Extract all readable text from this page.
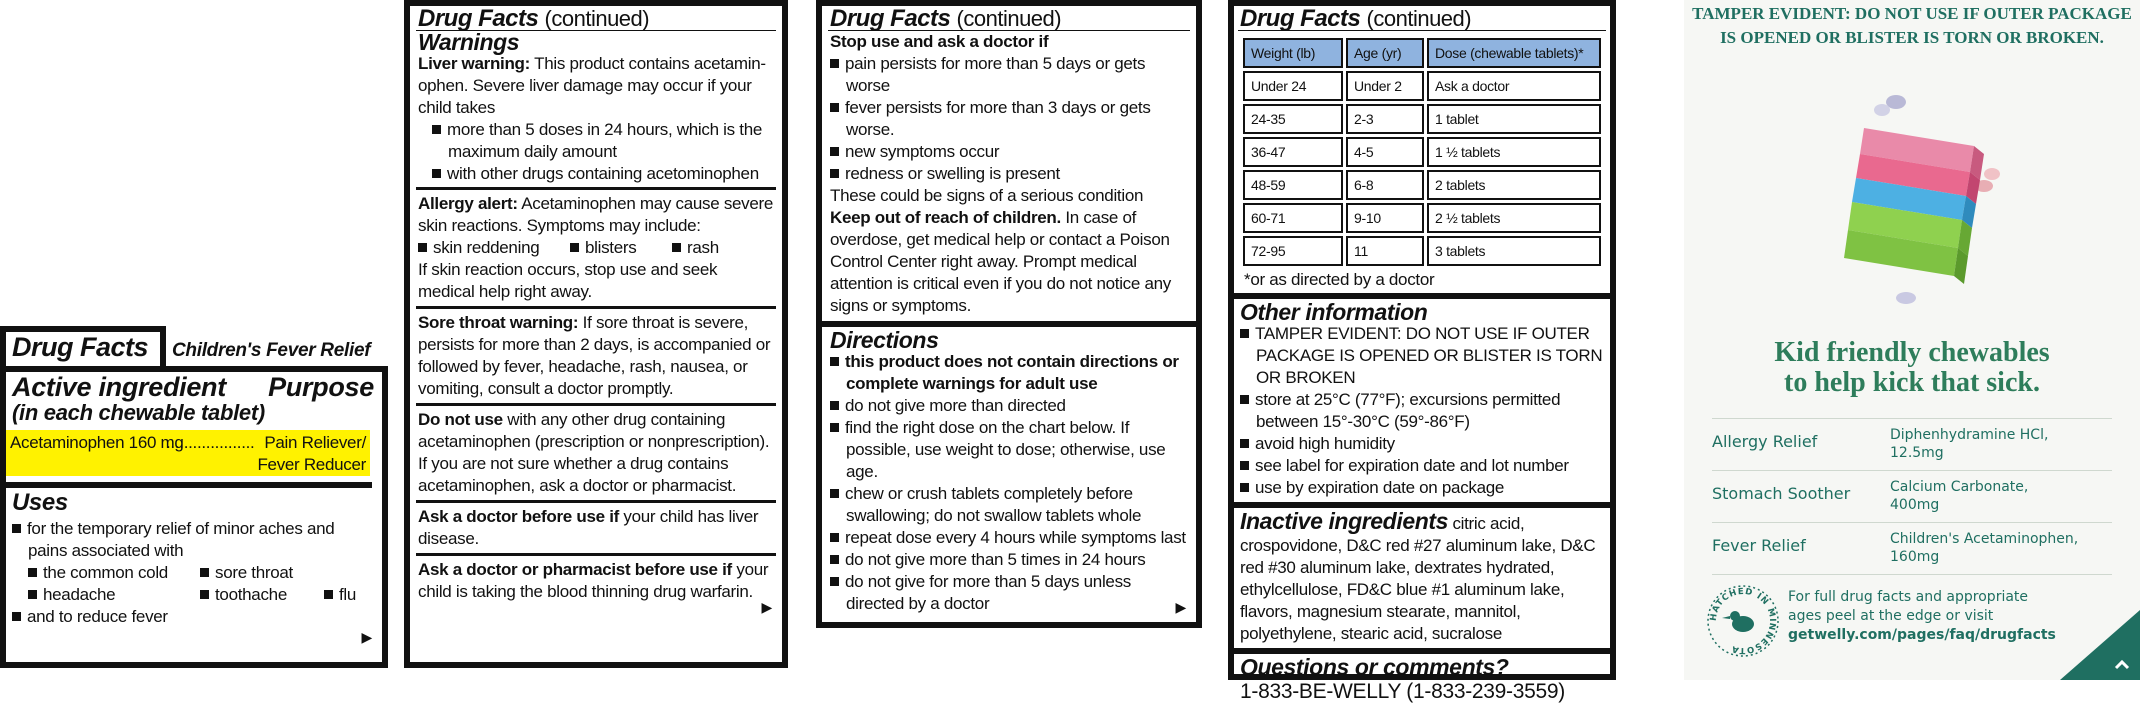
Drug Facts Children's Fever Relief
Active ingredient Purpose
(in each chewable tablet)
Acetaminophen 160 mg
.................... Pain Reliever/
Fever Reducer
Uses
for the temporary relief of minor aches and
pains associated with
the common cold	sore throat
headache	toothache	flu
and to reduce fever
▶
Drug Facts (continued)
Warnings
Liver warning: This product contains acetamin-ophen. Severe liver damage may occur if your child takes
more than 5 doses in 24 hours, which is the maximum daily amount
with other drugs containing acetominophen
Allergy alert: Acetaminophen may cause severe skin reactions. Symptoms may include:
skin reddening	blisters	rash
If skin reaction occurs, stop use and seek medical help right away.
Sore throat warning: If sore throat is severe, persists for more than 2 days, is accompanied or followed by fever, headache, rash, nausea, or vomiting, consult a doctor promptly.
Do not use with any other drug containing acetaminophen (prescription or nonprescription). If you are not sure whether a drug contains acetaminophen, ask a doctor or pharmacist.
Ask a doctor before use if your child has liver disease.
Ask a doctor or pharmacist before use if your child is taking the blood thinning drug warfarin.
▶
Drug Facts (continued)
Stop use and ask a doctor if
pain persists for more than 5 days or gets worse
fever persists for more than 3 days or gets worse.
new symptoms occur
redness or swelling is present
These could be signs of a serious condition
Keep out of reach of children. In case of overdose, get medical help or contact a Poison Control Center right away. Prompt medical attention is critical even if you do not notice any signs or symptoms.
Directions
this product does not contain directions or complete warnings for adult use
do not give more than directed
find the right dose on the chart below. If possible, use weight to dose; otherwise, use age.
chew or crush tablets completely before swallowing; do not swallow tablets whole
repeat dose every 4 hours while symptoms last
do not give more than 5 times in 24 hours
do not give for more than 5 days unless directed by a doctor	▶
Drug Facts (continued)
Weight (lb)	Age (yr)	Dose (chewable tablets)*
Under 24	Under 2	Ask a doctor
24-35	2-3	1 tablet
36-47	4-5	1 ½ tablets
48-59	6-8	2 tablets
60-71	9-10	2 ½ tablets
72-95	11	3 tablets
*or as directed by a doctor
Other information
TAMPER EVIDENT: DO NOT USE IF OUTER PACKAGE IS OPENED OR BLISTER IS TORN OR BROKEN
store at 25°C (77°F); excursions permitted between 15°-30°C (59°-86°F)
avoid high humidity
see label for expiration date and lot number
use by expiration date on package
Inactive ingredients citric acid, crospovidone, D&C red #27 aluminum lake, D&C red #30 aluminum lake, dextrates hydrated, ethylcellulose, FD&C blue #1 aluminum lake, flavors, magnesium stearate, mannitol, polyethylene, stearic acid, sucralose
Questions or comments?
1-833-BE-WELLY (1-833-239-3559)
TAMPER EVIDENT: DO NOT USE IF OUTER PACKAGE
IS OPENED OR BLISTER IS TORN OR BROKEN.
Kid friendly chewables
to help kick that sick.
Allergy Relief	Diphenhydramine HCl, 12.5mg
Stomach Soother	Calcium Carbonate, 400mg
Fever Relief	Children's Acetaminophen, 160mg
HATCHED IN MINNESOTA
For full drug facts and appropriate
ages peel at the edge or visit
getwelly.com/pages/faq/drugfacts
